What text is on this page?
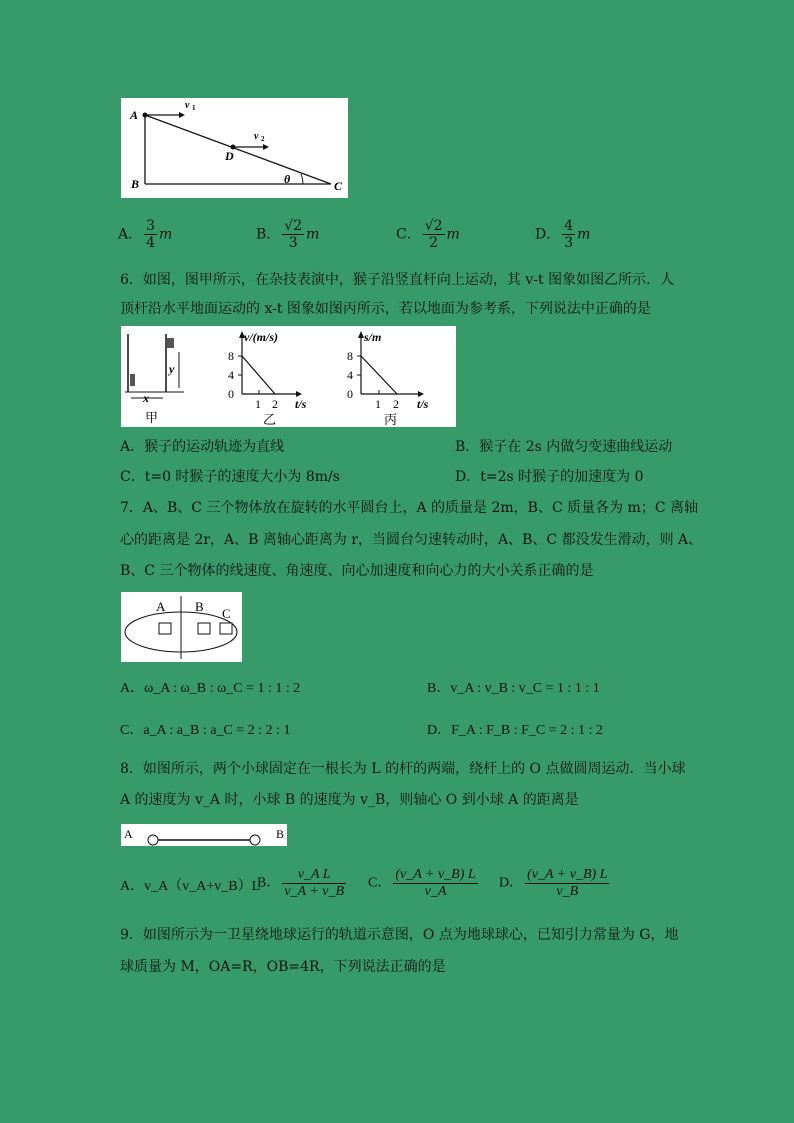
A
B	C
D
v 1
v 2
θ
A． $\frac{3}{4}$ m	B． $\frac{√2}{3}$ m	C． $\frac{√2}{2}$ m	D． $\frac{4}{3}$ m
6．如图，图甲所示，在杂技表演中，猴子沿竖直杆向上运动，其 v-t 图象如图乙所示．人
顶杆沿水平地面运动的 x-t 图象如图丙所示，若以地面为参考系，下列说法中正确的是
x
y
甲
v/(m/s)
8
4
0
1 2 t/s
乙
s/m
8
4
0
1 2 t/s
丙
A．猴子的运动轨迹为直线	B．猴子在 2s 内做匀变速曲线运动
C．t=0 时猴子的速度大小为 8m/s	D．t=2s 时猴子的加速度为 0
7．A、B、C 三个物体放在旋转的水平圆台上，A 的质量是 2m，B、C 质量各为 m；C 离轴
心的距离是 2r，A、B 离轴心距离为 r，当圆台匀速转动时，A、B、C 都没发生滑动，则 A、
B、C 三个物体的线速度、角速度、向心加速度和向心力的大小关系正确的是
A B C
A．ω_A : ω_B : ω_C = 1 : 1 : 2	B．v_A : v_B : v_C = 1 : 1 : 1
C．a_A : a_B : a_C = 2 : 2 : 1	D．F_A : F_B : F_C = 2 : 1 : 2
8．如图所示，两个小球固定在一根长为 L 的杆的两端，绕杆上的 O 点做圆周运动．当小球
A 的速度为 v_A 时，小球 B 的速度为 v_B，则轴心 O 到小球 A 的距离是
A	B
A．v_A（v_A+v_B）L
B． $\frac{\text{v\_A L}}{v\_A + v\_B}$ C． $\frac{(v\_A + v\_B) L}{v\_A}$ D． $\frac{(v\_A + v\_B) L}{v\_B}$
9．如图所示为一卫星绕地球运行的轨道示意图，O 点为地球球心，已知引力常量为 G，地
球质量为 M，OA=R，OB=4R，下列说法正确的是
